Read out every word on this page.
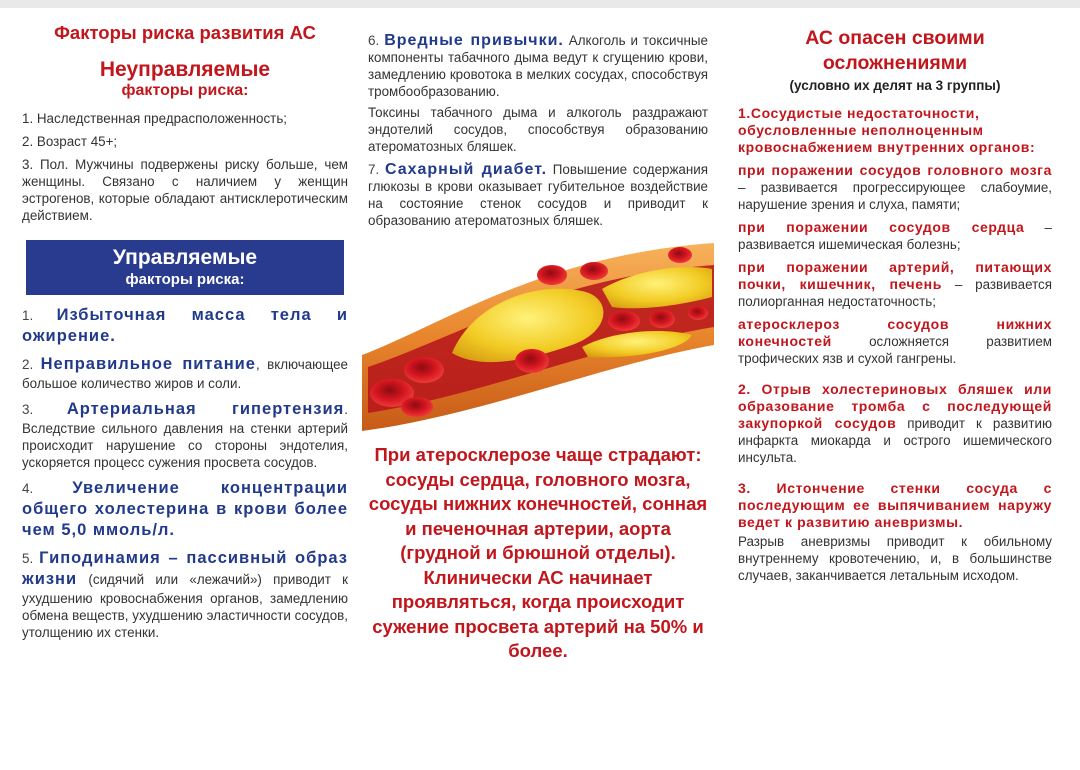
Факторы риска развития АС
Неуправляемые
факторы риска:
1. Наследственная предрасположенность;
2. Возраст 45+;
3. Пол. Мужчины подвержены риску больше, чем женщины. Связано с наличием у женщин эстрогенов, которые обладают антисклеротическим действием.
Управляемые
факторы риска:
1. Избыточная масса тела и ожирение.
2. Неправильное питание, включающее большое количество жиров и соли.
3. Артериальная гипертензия. Вследствие сильного давления на стенки артерий происходит нарушение со стороны эндотелия, ускоряется процесс сужения просвета сосудов.
4. Увеличение концентрации общего холестерина в крови более чем 5,0 ммоль/л.
5. Гиподинамия – пассивный образ жизни (сидячий или «лежачий») приводит к ухудшению кровоснабжения органов, замедлению обмена веществ, ухудшению эластичности сосудов, утолщению их стенки.
6. Вредные привычки. Алкоголь и токсичные компоненты табачного дыма ведут к сгущению крови, замедлению кровотока в мелких сосудах, способствуя тромбообразованию.
Токсины табачного дыма и алкоголь раздражают эндотелий сосудов, способствуя образованию атероматозных бляшек.
7. Сахарный диабет. Повышение содержания глюкозы в крови оказывает губительное воздействие на состояние стенок сосудов и приводит к образованию атероматозных бляшек.
При атеросклерозе чаще страдают: сосуды сердца, головного мозга, сосуды нижних конечностей, сонная и печеночная артерии, аорта (грудной и брюшной отделы). Клинически АС начинает проявляться, когда происходит сужение просвета артерий на 50% и более.
АС опасен своими осложнениями
(условно их делят на 3 группы)
1.Сосудистые недостаточности, обусловленные неполноценным кровоснабжением внутренних органов:
при поражении сосудов головного мозга – развивается прогрессирующее слабоумие, нарушение зрения и слуха, памяти;
при поражении сосудов сердца – развивается ишемическая болезнь;
при поражении артерий, питающих почки, кишечник, печень – развивается полиорганная недостаточность;
атеросклероз сосудов нижних конечностей осложняется развитием трофических язв и сухой гангрены.
2. Отрыв холестериновых бляшек или образование тромба с последующей закупоркой сосудов приводит к развитию инфаркта миокарда и острого ишемического инсульта.
3. Истончение стенки сосуда с последующим ее выпячиванием наружу ведет к развитию аневризмы.
Разрыв аневризмы приводит к обильному внутреннему кровотечению, и, в большинстве случаев, заканчивается летальным исходом.
